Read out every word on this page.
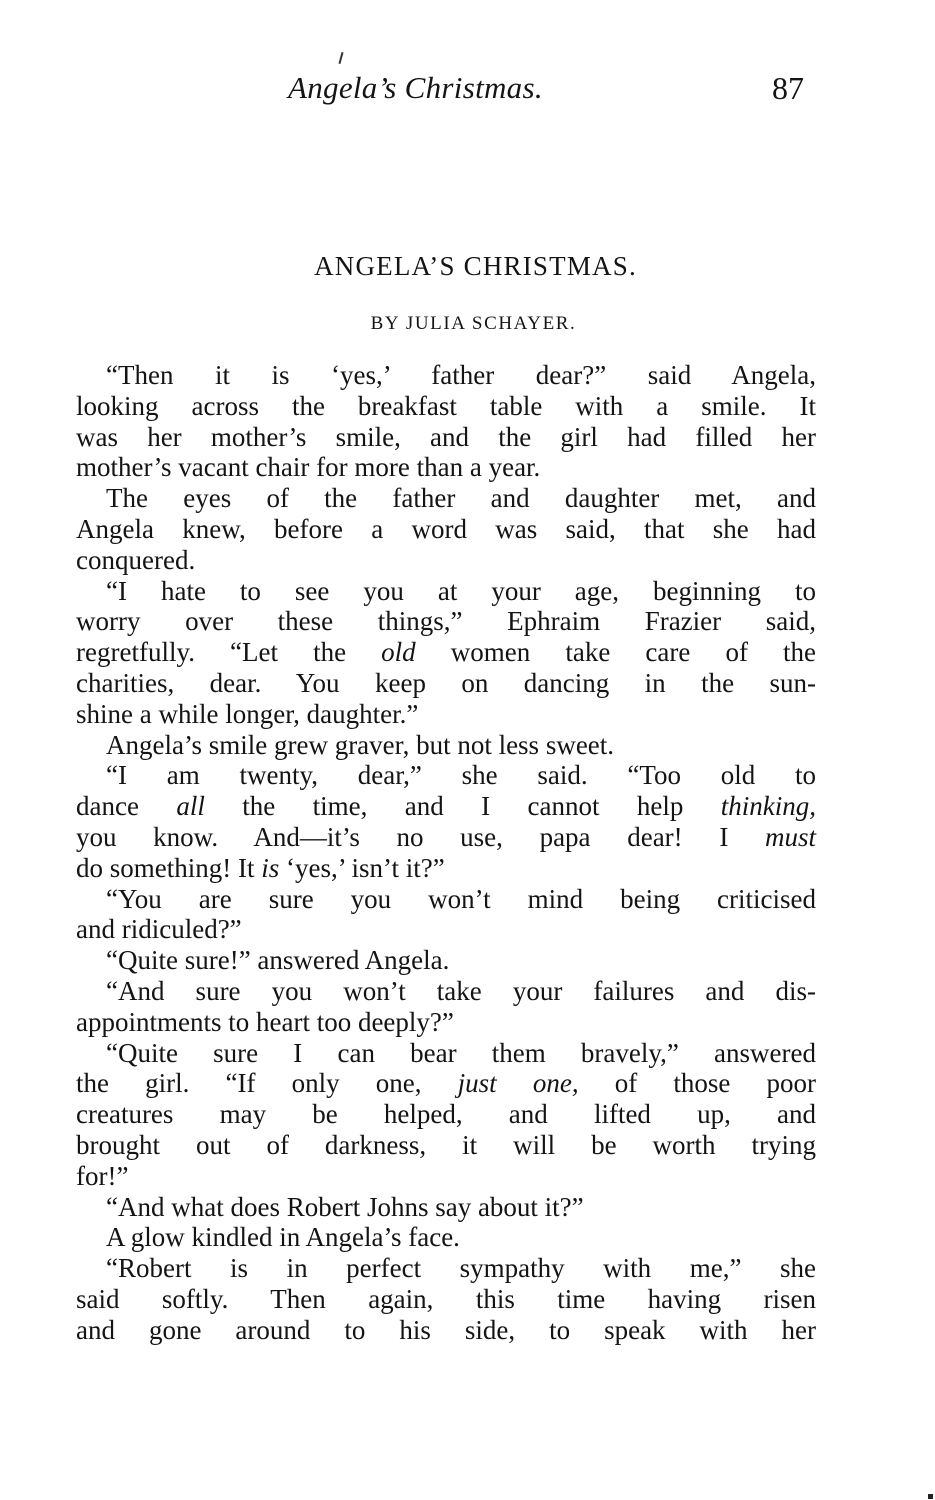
Angela’s Christmas.	87
ANGELA’S CHRISTMAS.
BY JULIA SCHAYER.
“Then it is ‘yes,’ father dear?” said Angela,
looking across the breakfast table with a smile. It
was her mother’s smile, and the girl had filled her
mother’s vacant chair for more than a year.
The eyes of the father and daughter met, and
Angela knew, before a word was said, that she had
conquered.
“I hate to see you at your age, beginning to
worry over these things,” Ephraim Frazier said,
regretfully. “Let the old women take care of the
charities, dear. You keep on dancing in the sun-
shine a while longer, daughter.”
Angela’s smile grew graver, but not less sweet.
“I am twenty, dear,” she said. “Too old to
dance all the time, and I cannot help thinking,
you know. And—it’s no use, papa dear! I must
do something! It is ‘yes,’ isn’t it?”
“You are sure you won’t mind being criticised
and ridiculed?”
“Quite sure!” answered Angela.
“And sure you won’t take your failures and dis-
appointments to heart too deeply?”
“Quite sure I can bear them bravely,” answered
the girl. “If only one, just one, of those poor
creatures may be helped, and lifted up, and
brought out of darkness, it will be worth trying
for!”
“And what does Robert Johns say about it?”
A glow kindled in Angela’s face.
“Robert is in perfect sympathy with me,” she
said softly. Then again, this time having risen
and gone around to his side, to speak with her
